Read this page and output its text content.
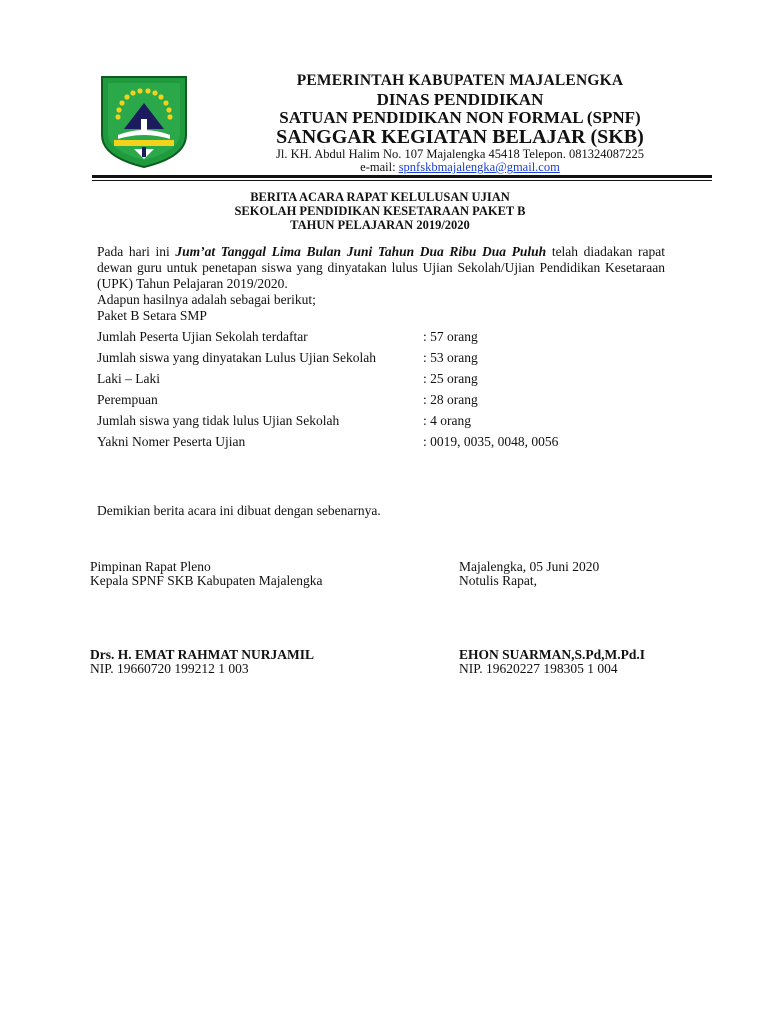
PEMERINTAH KABUPATEN MAJALENGKA
DINAS PENDIDIKAN
SATUAN PENDIDIKAN NON FORMAL (SPNF)
SANGGAR KEGIATAN BELAJAR (SKB)
Jl. KH. Abdul Halim No. 107 Majalengka 45418 Telepon. 081324087225
e-mail: spnfskbmajalengka@gmail.com
BERITA ACARA RAPAT KELULUSAN UJIAN
SEKOLAH PENDIDIKAN KESETARAAN PAKET B
TAHUN PELAJARAN 2019/2020
Pada hari ini Jum’at Tanggal Lima Bulan Juni Tahun Dua Ribu Dua Puluh telah diadakan rapat dewan guru untuk penetapan siswa yang dinyatakan lulus Ujian Sekolah/Ujian Pendidikan Kesetaraan (UPK) Tahun Pelajaran 2019/2020.
Adapun hasilnya adalah sebagai berikut;
Paket B Setara SMP
Jumlah Peserta Ujian Sekolah terdaftar	: 57 orang
Jumlah siswa yang dinyatakan Lulus Ujian Sekolah	: 53 orang
Laki – Laki	: 25 orang
Perempuan	: 28 orang
Jumlah siswa yang tidak lulus Ujian Sekolah	: 4 orang
Yakni Nomer Peserta Ujian	: 0019, 0035, 0048, 0056
Demikian berita acara ini dibuat dengan sebenarnya.
Pimpinan Rapat Pleno
Kepala SPNF SKB Kabupaten Majalengka
Drs. H. EMAT RAHMAT NURJAMIL
NIP. 19660720 199212 1 003
Majalengka, 05 Juni 2020
Notulis Rapat,
EHON SUARMAN,S.Pd,M.Pd.I
NIP. 19620227 198305 1 004
